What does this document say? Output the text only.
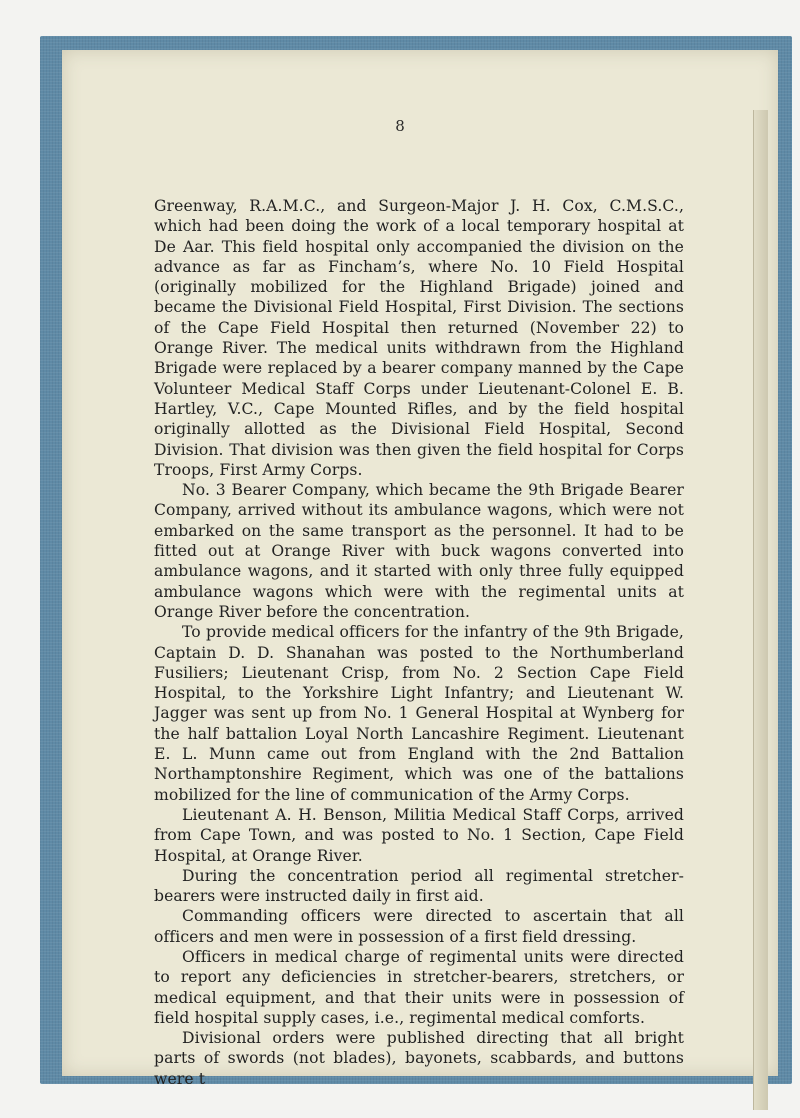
8

Greenway, R.A.M.C., and Surgeon-Major J. H. Cox, C.M.S.C., which had been doing the work of a local temporary hospital at De Aar. This field hospital only accompanied the division on the advance as far as Fincham’s, where No. 10 Field Hospital (originally mobilized for the Highland Brigade) joined and became the Divisional Field Hospital, First Division. The sections of the Cape Field Hospital then returned (November 22) to Orange River. The medical units withdrawn from the Highland Brigade were replaced by a bearer company manned by the Cape Volunteer Medical Staff Corps under Lieutenant-Colonel E. B. Hartley, V.C., Cape Mounted Rifles, and by the field hospital originally allotted as the Divisional Field Hospital, Second Division. That division was then given the field hospital for Corps Troops, First Army Corps.

No. 3 Bearer Company, which became the 9th Brigade Bearer Company, arrived without its ambulance wagons, which were not embarked on the same transport as the personnel. It had to be fitted out at Orange River with buck wagons converted into ambulance wagons, and it started with only three fully equipped ambulance wagons which were with the regimental units at Orange River before the concentration.

To provide medical officers for the infantry of the 9th Brigade, Captain D. D. Shanahan was posted to the Northumberland Fusiliers; Lieutenant Crisp, from No. 2 Section Cape Field Hospital, to the Yorkshire Light Infantry; and Lieutenant W. Jagger was sent up from No. 1 General Hospital at Wynberg for the half battalion Loyal North Lancashire Regiment. Lieutenant E. L. Munn came out from England with the 2nd Battalion Northamptonshire Regiment, which was one of the battalions mobilized for the line of communication of the Army Corps.

Lieutenant A. H. Benson, Militia Medical Staff Corps, arrived from Cape Town, and was posted to No. 1 Section, Cape Field Hospital, at Orange River.

During the concentration period all regimental stretcher-bearers were instructed daily in first aid.

Commanding officers were directed to ascertain that all officers and men were in possession of a first field dressing.

Officers in medical charge of regimental units were directed to report any deficiencies in stretcher-bearers, stretchers, or medical equipment, and that their units were in possession of field hospital supply cases, i.e., regimental medical comforts.

Divisional orders were published directing that all bright parts of swords (not blades), bayonets, scabbards, and buttons were t
